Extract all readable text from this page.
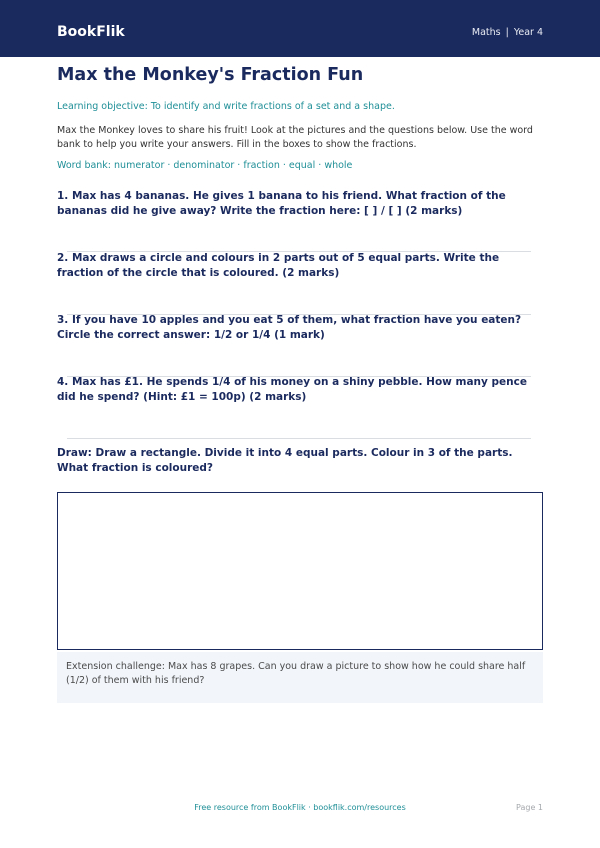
BookFlik	Maths | Year 4
Max the Monkey's Fraction Fun
Learning objective: To identify and write fractions of a set and a shape.
Max the Monkey loves to share his fruit! Look at the pictures and the questions below. Use the word bank to help you write your answers. Fill in the boxes to show the fractions.
Word bank: numerator · denominator · fraction · equal · whole
1. Max has 4 bananas. He gives 1 banana to his friend. What fraction of the bananas did he give away? Write the fraction here: [ ] / [ ] (2 marks)
2. Max draws a circle and colours in 2 parts out of 5 equal parts. Write the fraction of the circle that is coloured. (2 marks)
3. If you have 10 apples and you eat 5 of them, what fraction have you eaten? Circle the correct answer: 1/2 or 1/4 (1 mark)
4. Max has £1. He spends 1/4 of his money on a shiny pebble. How many pence did he spend? (Hint: £1 = 100p) (2 marks)
Draw: Draw a rectangle. Divide it into 4 equal parts. Colour in 3 of the parts. What fraction is coloured?
Extension challenge: Max has 8 grapes. Can you draw a picture to show how he could share half (1/2) of them with his friend?
Free resource from BookFlik · bookflik.com/resources	Page 1
